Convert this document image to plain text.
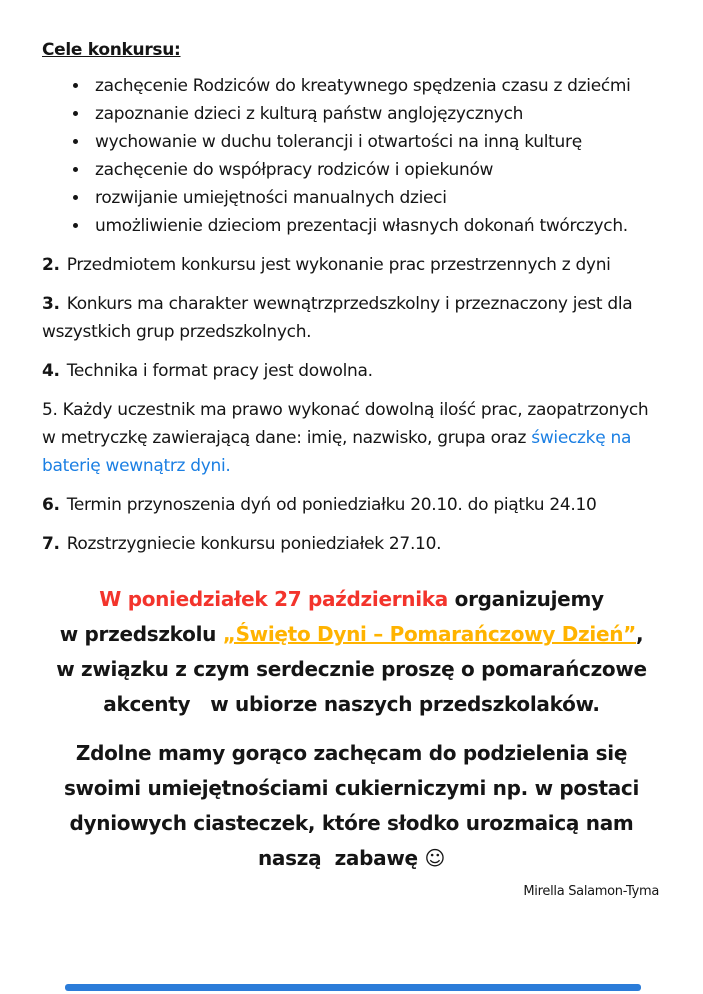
Cele konkursu:

• zachęcenie Rodziców do kreatywnego spędzenia czasu z dziećmi
• zapoznanie dzieci z kulturą państw anglojęzycznych
• wychowanie w duchu tolerancji i otwartości na inną kulturę
• zachęcenie do współpracy rodziców i opiekunów
• rozwijanie umiejętności manualnych dzieci
• umożliwienie dzieciom prezentacji własnych dokonań twórczych.

2. Przedmiotem konkursu jest wykonanie prac przestrzennych z dyni

3. Konkurs ma charakter wewnątrzprzedszkolny i przeznaczony jest dla wszystkich grup przedszkolnych.

4. Technika i format pracy jest dowolna.

5. Każdy uczestnik ma prawo wykonać dowolną ilość prac, zaopatrzonych w metryczkę zawierającą dane: imię, nazwisko, grupa oraz świeczkę na baterię wewnątrz dyni.

6. Termin przynoszenia dyń od poniedziałku 20.10. do piątku 24.10

7. Rozstrzygniecie konkursu poniedziałek 27.10.

W poniedziałek 27 października organizujemy
w przedszkolu „Święto Dyni – Pomarańczowy Dzień”,
w związku z czym serdecznie proszę o pomarańczowe
akcenty   w ubiorze naszych przedszkolaków.
Zdolne mamy gorąco zachęcam do podzielenia się
swoimi umiejętnościami cukierniczymi np. w postaci
dyniowych ciasteczek, które słodko urozmaicą nam
naszą  zabawę ☺
Mirella Salamon-Tyma
